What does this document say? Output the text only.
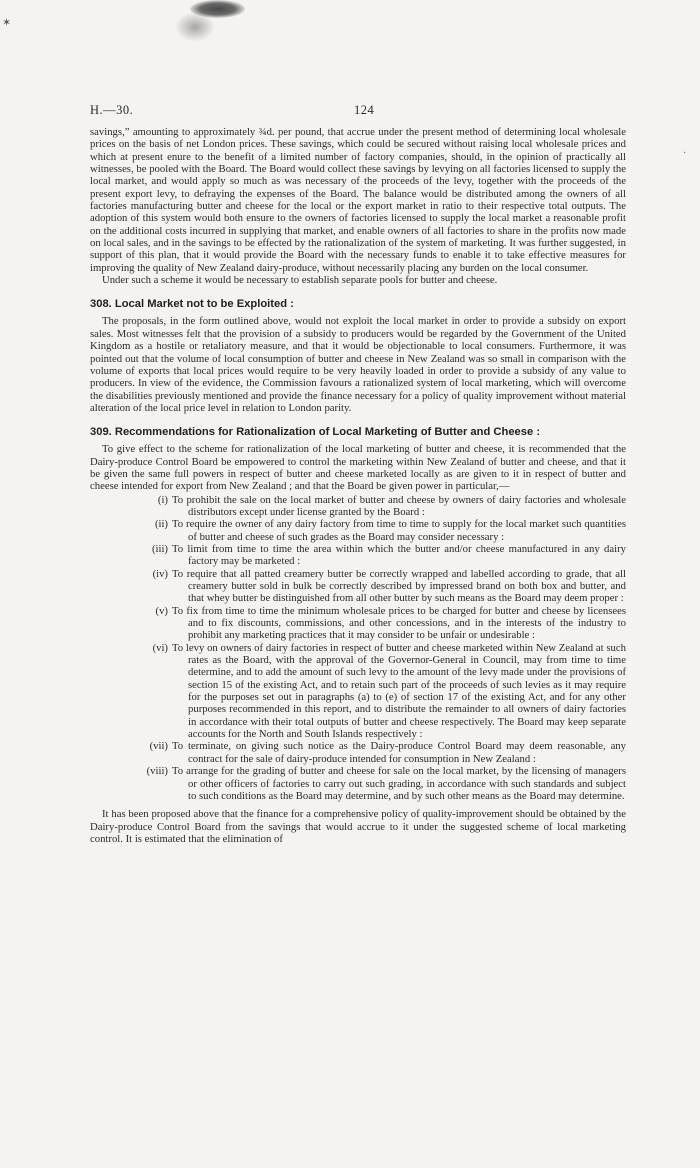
✶
·
H.—30.	124

savings,” amounting to approximately ¾d. per pound, that accrue under the present method of determining local wholesale prices on the basis of net London prices. These savings, which could be secured without raising local wholesale prices and which at present enure to the benefit of a limited number of factory companies, should, in the opinion of practically all witnesses, be pooled with the Board. The Board would collect these savings by levying on all factories licensed to supply the local market, and would apply so much as was necessary of the proceeds of the levy, together with the proceeds of the present export levy, to defraying the expenses of the Board. The balance would be distributed among the owners of all factories manufacturing butter and cheese for the local or the export market in ratio to their respective total outputs. The adoption of this system would both ensure to the owners of factories licensed to supply the local market a reasonable profit on the additional costs incurred in supplying that market, and enable owners of all factories to share in the profits now made on local sales, and in the savings to be effected by the rationalization of the system of marketing. It was further suggested, in support of this plan, that it would provide the Board with the necessary funds to enable it to take effective measures for improving the quality of New Zealand dairy-produce, without necessarily placing any burden on the local consumer.

Under such a scheme it would be necessary to establish separate pools for butter and cheese.

308. Local Market not to be Exploited :

The proposals, in the form outlined above, would not exploit the local market in order to provide a subsidy on export sales. Most witnesses felt that the provision of a subsidy to producers would be regarded by the Government of the United Kingdom as a hostile or retaliatory measure, and that it would be objectionable to local consumers. Furthermore, it was pointed out that the volume of local consumption of butter and cheese in New Zealand was so small in comparison with the volume of exports that local prices would require to be very heavily loaded in order to provide a subsidy of any value to producers. In view of the evidence, the Commission favours a rationalized system of local marketing, which will overcome the disabilities previously mentioned and provide the finance necessary for a policy of quality improvement without material alteration of the local price level in relation to London parity.

309. Recommendations for Rationalization of Local Marketing of Butter and Cheese :

To give effect to the scheme for rationalization of the local marketing of butter and cheese, it is recommended that the Dairy-produce Control Board be empowered to control the marketing within New Zealand of butter and cheese, and that it be given the same full powers in respect of butter and cheese marketed locally as are given to it in respect of butter and cheese intended for export from New Zealand ; and that the Board be given power in particular,—

(i) To prohibit the sale on the local market of butter and cheese by owners of dairy factories and wholesale distributors except under license granted by the Board :
(ii) To require the owner of any dairy factory from time to time to supply for the local market such quantities of butter and cheese of such grades as the Board may consider necessary :
(iii) To limit from time to time the area within which the butter and/or cheese manufactured in any dairy factory may be marketed :
(iv) To require that all patted creamery butter be correctly wrapped and labelled according to grade, that all creamery butter sold in bulk be correctly described by impressed brand on both box and butter, and that whey butter be distinguished from all other butter by such means as the Board may deem proper :
(v) To fix from time to time the minimum wholesale prices to be charged for butter and cheese by licensees and to fix discounts, commissions, and other concessions, and in the interests of the industry to prohibit any marketing practices that it may consider to be unfair or undesirable :
(vi) To levy on owners of dairy factories in respect of butter and cheese marketed within New Zealand at such rates as the Board, with the approval of the Governor-General in Council, may from time to time determine, and to add the amount of such levy to the amount of the levy made under the provisions of section 15 of the existing Act, and to retain such part of the proceeds of such levies as it may require for the purposes set out in paragraphs (a) to (e) of section 17 of the existing Act, and for any other purposes recommended in this report, and to distribute the remainder to all owners of dairy factories in accordance with their total outputs of butter and cheese respectively. The Board may keep separate accounts for the North and South Islands respectively :
(vii) To terminate, on giving such notice as the Dairy-produce Control Board may deem reasonable, any contract for the sale of dairy-produce intended for consumption in New Zealand :
(viii) To arrange for the grading of butter and cheese for sale on the local market, by the licensing of managers or other officers of factories to carry out such grading, in accordance with such standards and subject to such conditions as the Board may determine, and by such other means as the Board may determine.

It has been proposed above that the finance for a comprehensive policy of quality-improvement should be obtained by the Dairy-produce Control Board from the savings that would accrue to it under the suggested scheme of local marketing control. It is estimated that the elimination of
